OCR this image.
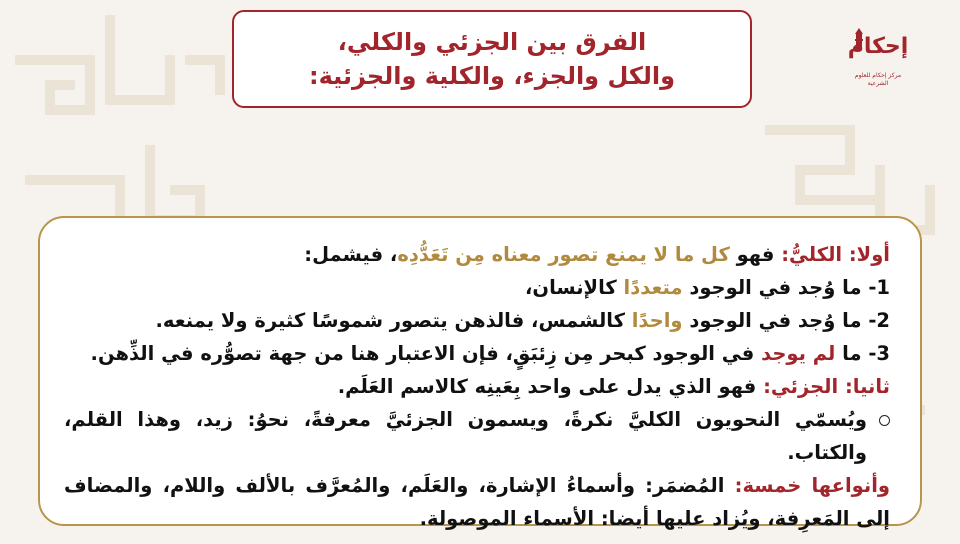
الفرق بين الجزئي والكلي،
والكل والجزء، والكلية والجزئية:
إحكام
مركز إحكام للعلوم الشرعية

أولا: الكليُّ: فهو كل ما لا يمنع تصور معناه مِن تَعَدُّدِه، فيشمل:

1- ما وُجد في الوجود متعددًا كالإنسان،

2- ما وُجد في الوجود واحدًا كالشمس، فالذهن يتصور شموسًا كثيرة ولا يمنعه.

3- ما لم يوجد في الوجود كبحر مِن زِئبَقٍ، فإن الاعتبار هنا من جهة تصوُّره في الذِّهن.

ثانيا: الجزئي: فهو الذي يدل على واحد بِعَينِه كالاسم العَلَم.

ويُسمّي النحويون الكليَّ نكرةً، ويسمون الجزئيَّ معرفةً، نحوُ: زيد، وهذا القلم، والكتاب.

وأنواعها خمسة: المُضمَر: وأسماءُ الإشارة، والعَلَم، والمُعرَّف بالألف واللام، والمضاف إلى المَعرِفة، ويُزاد عليها أيضا: الأسماء الموصولة.
